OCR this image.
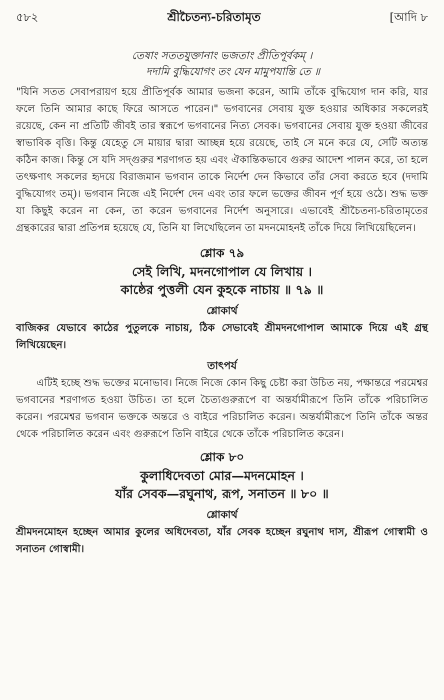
৫৮২	শ্রীচৈতন্য-চরিতামৃত	[আদি ৮
তেষাং সততযুক্তানাং ভজতাং প্রীতিপূর্বকম্ ।
দদামি বুদ্ধিযোগং তং যেন মামুপযান্তি তে ॥

"যিনি সতত সেবাপরায়ণ হয়ে প্রীতিপূর্বক আমার ভজনা করেন, আমি তাঁকে বুদ্ধিযোগ দান করি, যার ফলে তিনি আমার কাছে ফিরে আসতে পারেন।" ভগবানের সেবায় যুক্ত হওয়ার অধিকার সকলেরই রয়েছে, কেন না প্রতিটি জীবই তার স্বরূপে ভগবানের নিত্য সেবক। ভগবানের সেবায় যুক্ত হওয়া জীবের স্বাভাবিক বৃত্তি। কিন্তু যেহেতু সে মায়ার দ্বারা আচ্ছন্ন হয়ে রয়েছে, তাই সে মনে করে যে, সেটি অত্যন্ত কঠিন কাজ। কিন্তু সে যদি সদ্গুরুর শরণাগত হয় এবং ঐকান্তিকভাবে গুরুর আদেশ পালন করে, তা হলে তৎক্ষণাৎ সকলের হৃদয়ে বিরাজমান ভগবান তাকে নির্দেশ দেন কিভাবে তাঁর সেবা করতে হবে (দদামি বুদ্ধিযোগং তম্)। ভগবান নিজে এই নির্দেশ দেন এবং তার ফলে ভক্তের জীবন পূর্ণ হয়ে ওঠে। শুদ্ধ ভক্ত যা কিছুই করেন না কেন, তা করেন ভগবানের নির্দেশ অনুসারে। এভাবেই শ্রীচৈতন্য-চরিতামৃতের গ্রন্থকারের দ্বারা প্রতিপন্ন হয়েছে যে, তিনি যা লিখেছিলেন তা মদনমোহনই তাঁকে দিয়ে লিখিয়েছিলেন।

শ্লোক ৭৯
সেই লিখি, মদনগোপাল যে লিখায় ।
কাষ্ঠের পুত্তলী যেন কুহকে নাচায় ॥ ৭৯ ॥
শ্লোকার্থ

বাজিকর যেভাবে কাঠের পুতুলকে নাচায়, ঠিক সেভাবেই শ্রীমদনগোপাল আমাকে দিয়ে এই গ্রন্থ লিখিয়েছেন।

তাৎপর্য

এটিই হচ্ছে শুদ্ধ ভক্তের মনোভাব। নিজে নিজে কোন কিছু চেষ্টা করা উচিত নয়, পক্ষান্তরে পরমেশ্বর ভগবানের শরণাগত হওয়া উচিত। তা হলে চৈত্যগুরুরূপে বা অন্তর্যামীরূপে তিনি তাঁকে পরিচালিত করেন। পরমেশ্বর ভগবান ভক্তকে অন্তরে ও বাইরে পরিচালিত করেন। অন্তর্যামীরূপে তিনি তাঁকে অন্তর থেকে পরিচালিত করেন এবং গুরুরূপে তিনি বাইরে থেকে তাঁকে পরিচালিত করেন।

শ্লোক ৮০
কুলাধিদেবতা মোর—মদনমোহন ।
যাঁর সেবক—রঘুনাথ, রূপ, সনাতন ॥ ৮০ ॥
শ্লোকার্থ

শ্রীমদনমোহন হচ্ছেন আমার কুলের অধিদেবতা, যাঁর সেবক হচ্ছেন রঘুনাথ দাস, শ্রীরূপ গোস্বামী ও সনাতন গোস্বামী।
